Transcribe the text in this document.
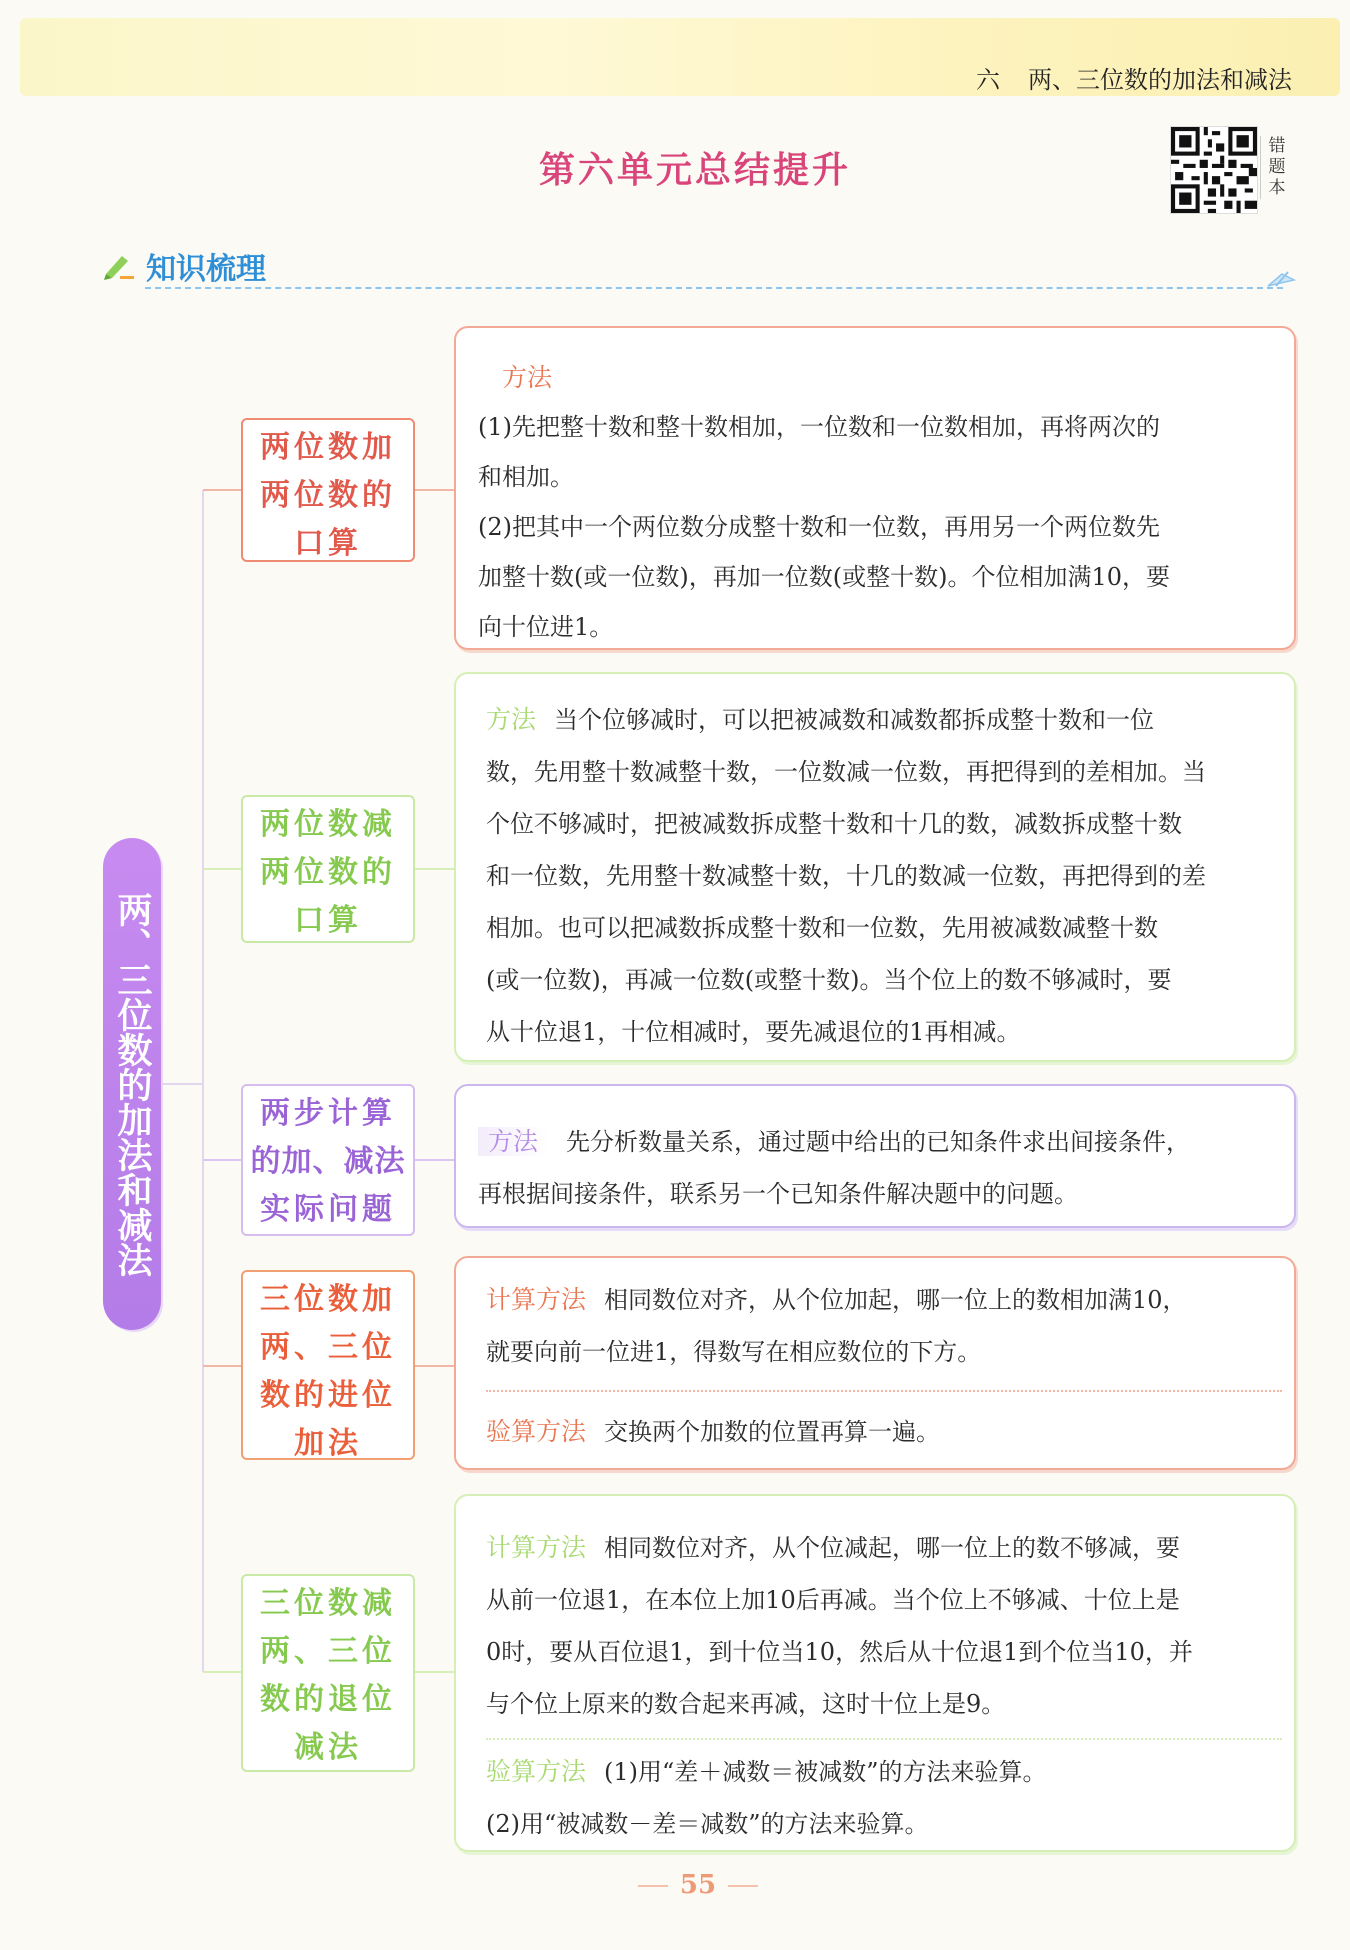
六 两、三位数的加法和减法
第六单元总结提升
错题本
知识梳理
两、三位数的加法和减法
两位数加
两位数的
口算
方法

(1)先把整十数和整十数相加，一位数和一位数相加，再将两次的

和相加。

(2)把其中一个两位数分成整十数和一位数，再用另一个两位数先

加整十数(或一位数)，再加一位数(或整十数)。个位相加满10，要

向十位进1。

两位数减
两位数的
口算

方法 当个位够减时，可以把被减数和减数都拆成整十数和一位

数，先用整十数减整十数，一位数减一位数，再把得到的差相加。当

个位不够减时，把被减数拆成整十数和十几的数，减数拆成整十数

和一位数，先用整十数减整十数，十几的数减一位数，再把得到的差

相加。也可以把减数拆成整十数和一位数，先用被减数减整十数

(或一位数)，再减一位数(或整十数)。当个位上的数不够减时，要

从十位退1，十位相减时，要先减退位的1再相减。

两步计算
的加、减法
实际问题

方法 先分析数量关系，通过题中给出的已知条件求出间接条件，

再根据间接条件，联系另一个已知条件解决题中的问题。

三位数加
两、三位
数的进位
加法

计算方法 相同数位对齐，从个位加起，哪一位上的数相加满10，

就要向前一位进1，得数写在相应数位的下方。

验算方法 交换两个加数的位置再算一遍。

三位数减
两、三位
数的退位
减法

计算方法 相同数位对齐，从个位减起，哪一位上的数不够减，要

从前一位退1，在本位上加10后再减。当个位上不够减、十位上是

0时，要从百位退1，到十位当10，然后从十位退1到个位当10，并

与个位上原来的数合起来再减，这时十位上是9。

验算方法 (1)用“差＋减数＝被减数”的方法来验算。

(2)用“被减数－差＝减数”的方法来验算。

55
